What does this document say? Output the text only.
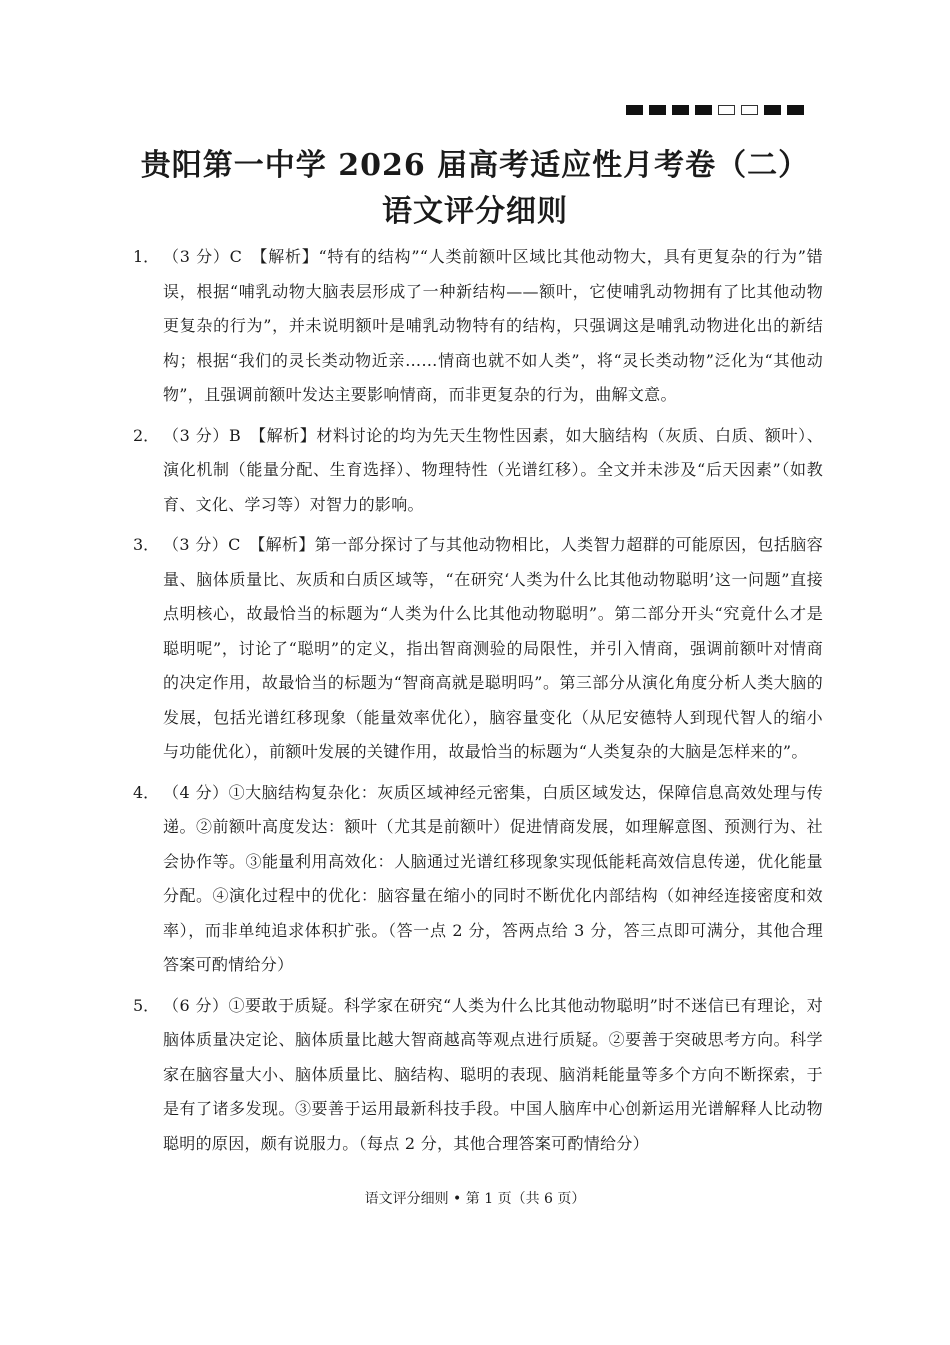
贵阳第一中学 2026 届高考适应性月考卷（二）
语文评分细则
1． （3 分）C　【解析】“特有的结构”“人类前额叶区域比其他动物大，具有更复杂的行为”错误，根据“哺乳动物大脑表层形成了一种新结构——额叶，它使哺乳动物拥有了比其他动物更复杂的行为”，并未说明额叶是哺乳动物特有的结构，只强调这是哺乳动物进化出的新结构；根据“我们的灵长类动物近亲……情商也就不如人类”，将“灵长类动物”泛化为“其他动物”，且强调前额叶发达主要影响情商，而非更复杂的行为，曲解文意。
2． （3 分）B　【解析】材料讨论的均为先天生物性因素，如大脑结构（灰质、白质、额叶）、演化机制（能量分配、生育选择）、物理特性（光谱红移）。全文并未涉及“后天因素”（如教育、文化、学习等）对智力的影响。
3． （3 分）C　【解析】第一部分探讨了与其他动物相比，人类智力超群的可能原因，包括脑容量、脑体质量比、灰质和白质区域等，“在研究‘人类为什么比其他动物聪明’这一问题”直接点明核心，故最恰当的标题为“人类为什么比其他动物聪明”。第二部分开头“究竟什么才是聪明呢”，讨论了“聪明”的定义，指出智商测验的局限性，并引入情商，强调前额叶对情商的决定作用，故最恰当的标题为“智商高就是聪明吗”。第三部分从演化角度分析人类大脑的发展，包括光谱红移现象（能量效率优化），脑容量变化（从尼安德特人到现代智人的缩小与功能优化），前额叶发展的关键作用，故最恰当的标题为“人类复杂的大脑是怎样来的”。
4． （4 分）①大脑结构复杂化：灰质区域神经元密集，白质区域发达，保障信息高效处理与传递。②前额叶高度发达：额叶（尤其是前额叶）促进情商发展，如理解意图、预测行为、社会协作等。③能量利用高效化：人脑通过光谱红移现象实现低能耗高效信息传递，优化能量分配。④演化过程中的优化：脑容量在缩小的同时不断优化内部结构（如神经连接密度和效率），而非单纯追求体积扩张。（答一点 2 分，答两点给 3 分，答三点即可满分，其他合理答案可酌情给分）
5． （6 分）①要敢于质疑。科学家在研究“人类为什么比其他动物聪明”时不迷信已有理论，对脑体质量决定论、脑体质量比越大智商越高等观点进行质疑。②要善于突破思考方向。科学家在脑容量大小、脑体质量比、脑结构、聪明的表现、脑消耗能量等多个方向不断探索，于是有了诸多发现。③要善于运用最新科技手段。中国人脑库中心创新运用光谱解释人比动物聪明的原因，颇有说服力。（每点 2 分，其他合理答案可酌情给分）
语文评分细则 • 第 1 页（共 6 页）
